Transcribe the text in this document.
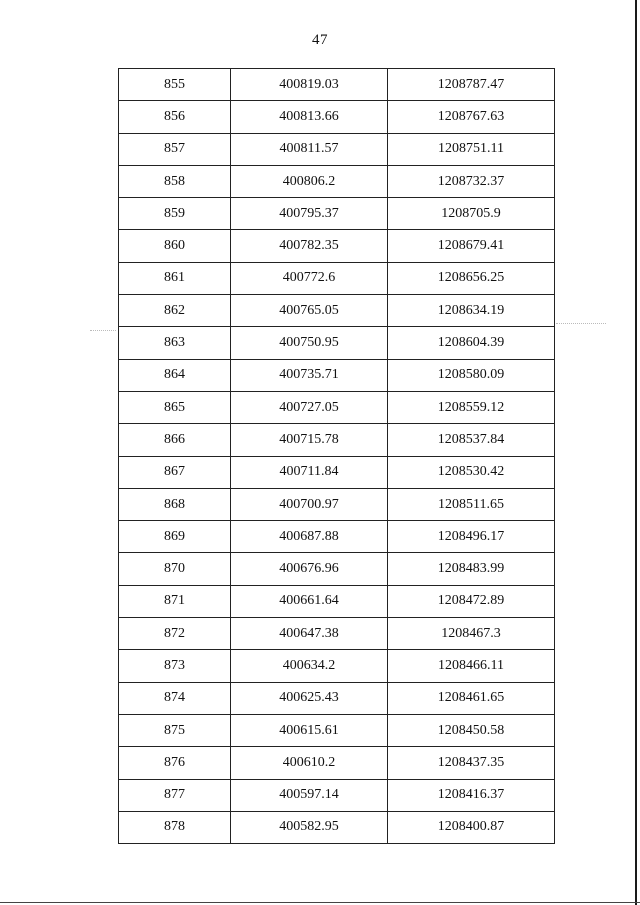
47
855	400819.03	1208787.47
856	400813.66	1208767.63
857	400811.57	1208751.11
858	400806.2	1208732.37
859	400795.37	1208705.9
860	400782.35	1208679.41
861	400772.6	1208656.25
862	400765.05	1208634.19
863	400750.95	1208604.39
864	400735.71	1208580.09
865	400727.05	1208559.12
866	400715.78	1208537.84
867	400711.84	1208530.42
868	400700.97	1208511.65
869	400687.88	1208496.17
870	400676.96	1208483.99
871	400661.64	1208472.89
872	400647.38	1208467.3
873	400634.2	1208466.11
874	400625.43	1208461.65
875	400615.61	1208450.58
876	400610.2	1208437.35
877	400597.14	1208416.37
878	400582.95	1208400.87
